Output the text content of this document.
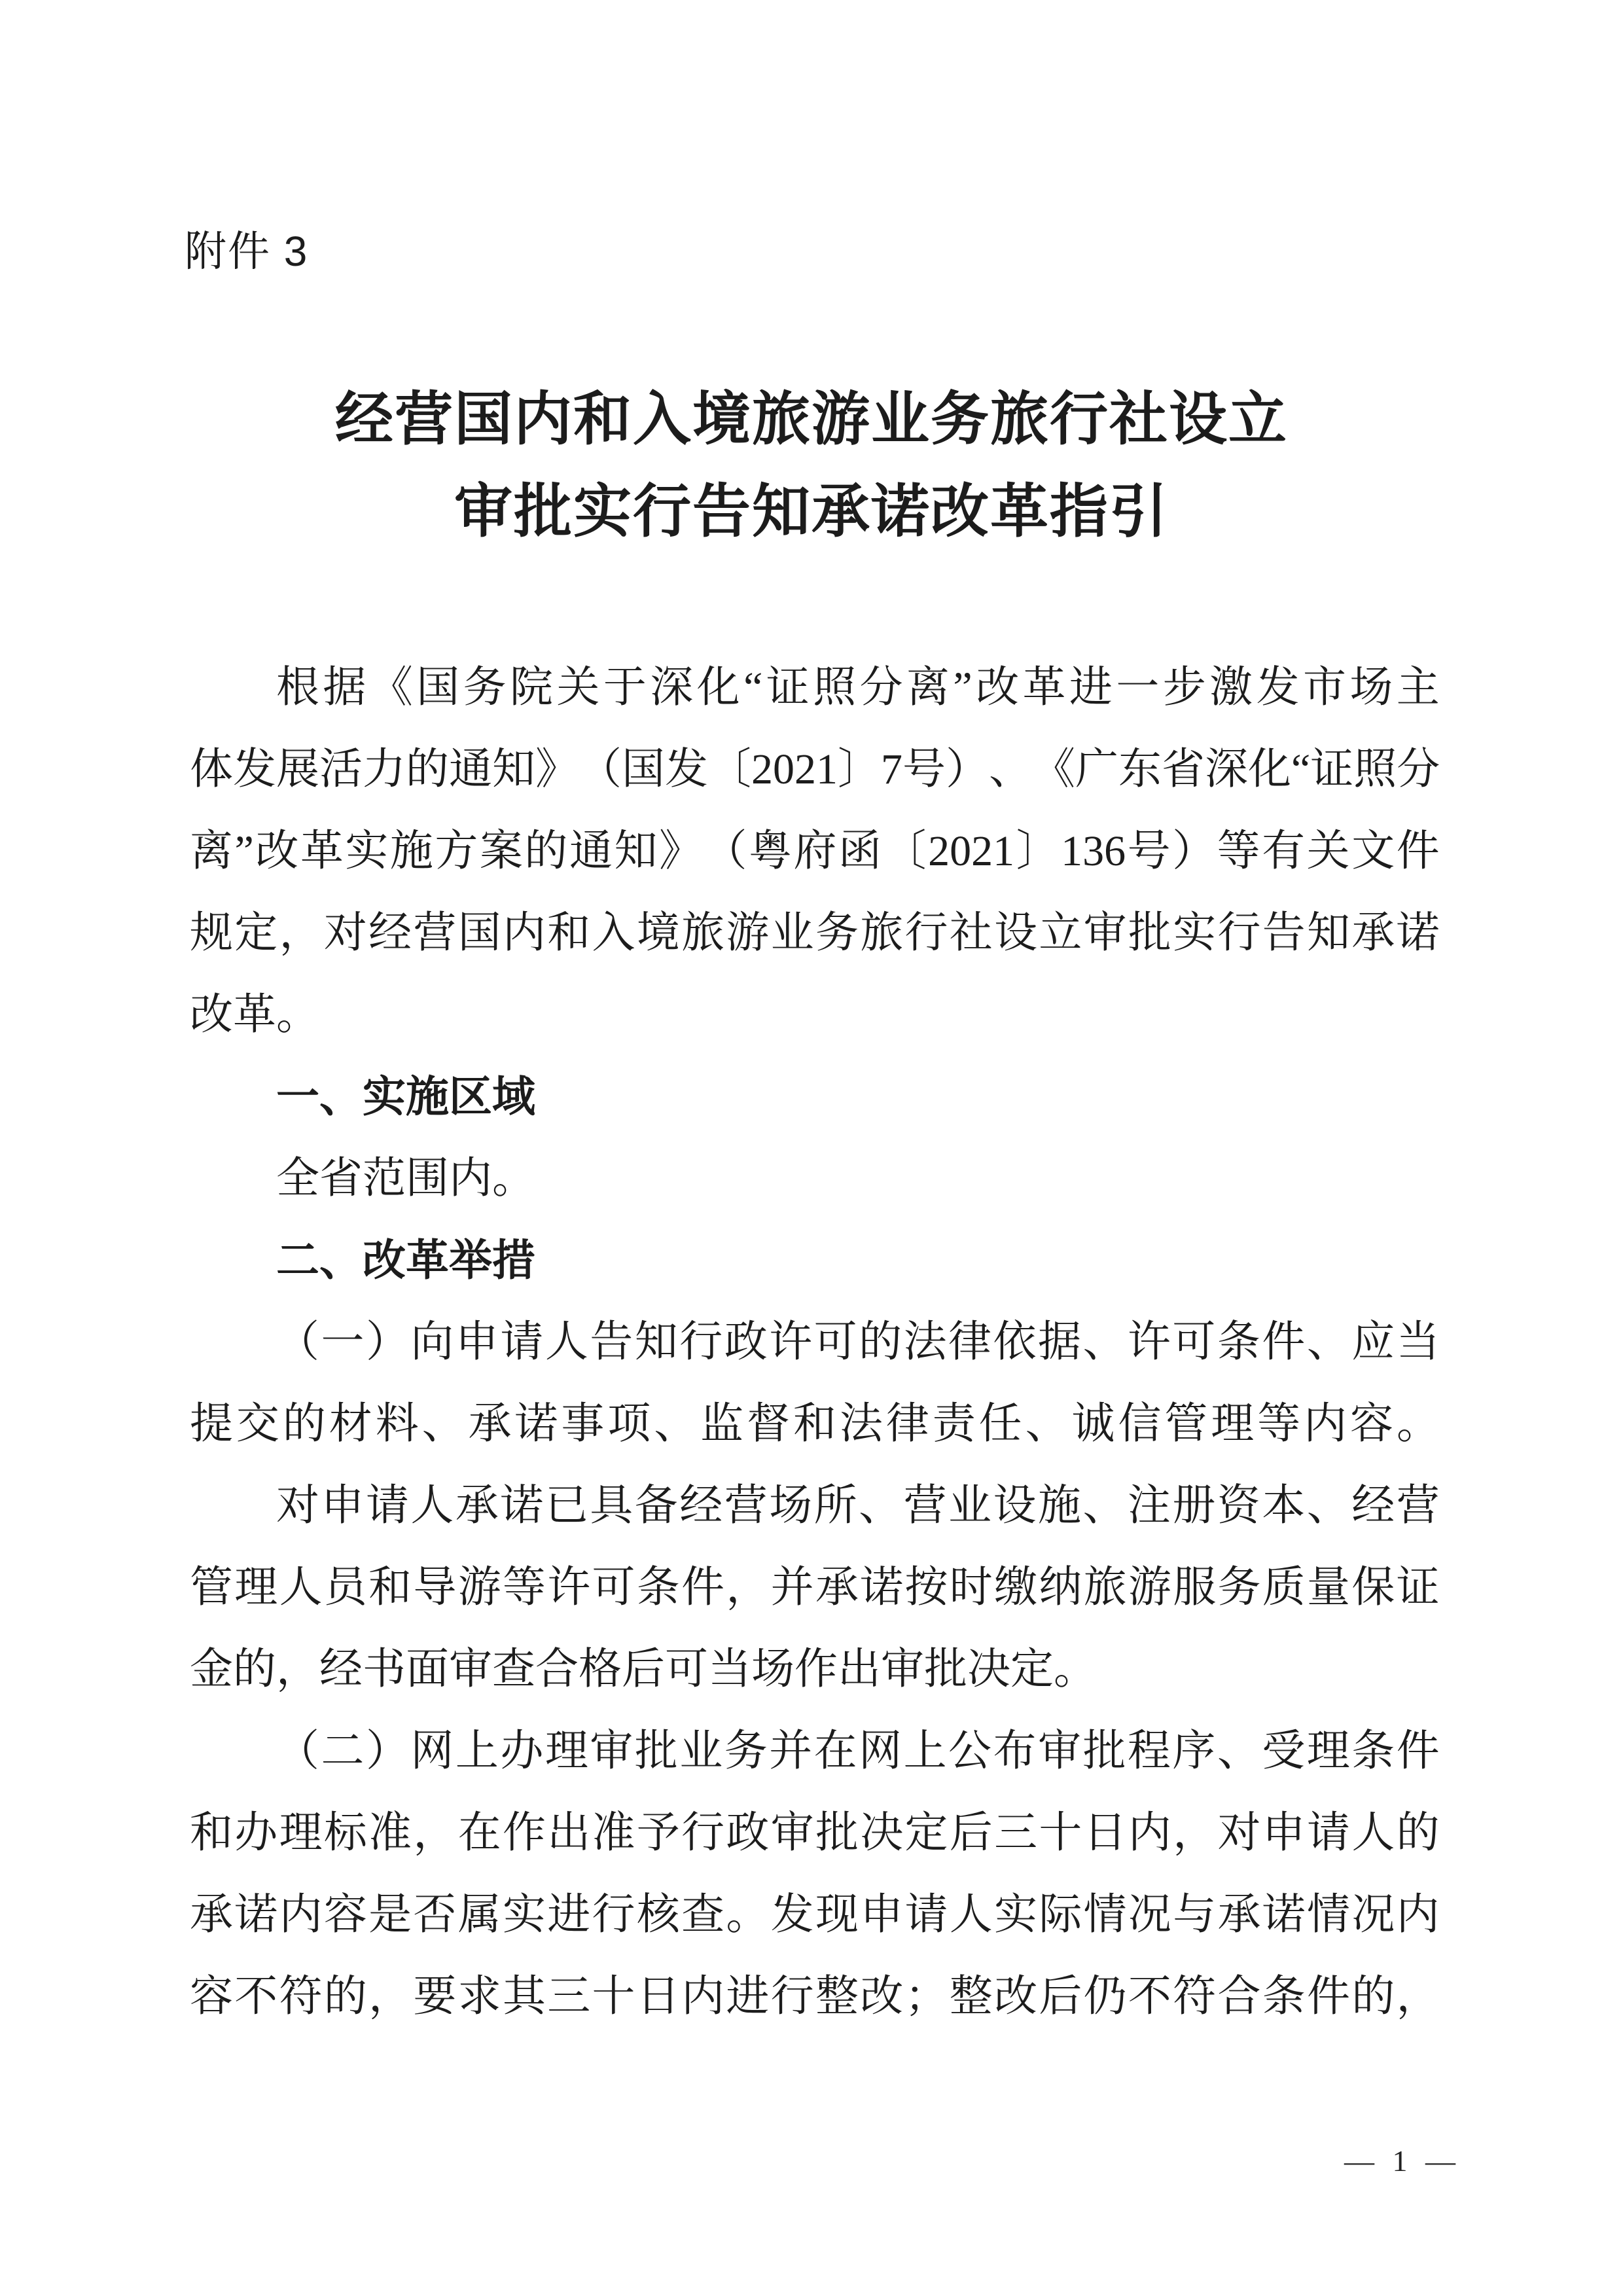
附件 3
经营国内和入境旅游业务旅行社设立
审批实行告知承诺改革指引
根 据 《 国 务 院 关 于 深 化 “ 证 照 分 离 ” 改 革 进 一 步 激 发 市 场 主
体 发 展 活 力 的 通 知 》 （ 国 发 〔 2021 〕 7 号 ） 、 《 广 东 省 深 化 “ 证 照 分
离 ” 改 革 实 施 方 案 的 通 知 》 （ 粤 府 函 〔 2021 〕 136 号 ） 等 有 关 文 件
规 定 ， 对 经 营 国 内 和 入 境 旅 游 业 务 旅 行 社 设 立 审 批 实 行 告 知 承 诺
改革。
一、实施区域
全省范围内。
二、改革举措
（ 一 ） 向 申 请 人 告 知 行 政 许 可 的 法 律 依 据 、 许 可 条 件 、 应 当
提 交 的 材 料 、 承 诺 事 项 、 监 督 和 法 律 责 任 、 诚 信 管 理 等 内 容 。
对 申 请 人 承 诺 已 具 备 经 营 场 所 、 营 业 设 施 、 注 册 资 本 、 经 营
管 理 人 员 和 导 游 等 许 可 条 件 ， 并 承 诺 按 时 缴 纳 旅 游 服 务 质 量 保 证
金的，经书面审查合格后可当场作出审批决定。
（ 二 ） 网 上 办 理 审 批 业 务 并 在 网 上 公 布 审 批 程 序 、 受 理 条 件
和 办 理 标 准 ， 在 作 出 准 予 行 政 审 批 决 定 后 三 十 日 内 ， 对 申 请 人 的
承 诺 内 容 是 否 属 实 进 行 核 查 。 发 现 申 请 人 实 际 情 况 与 承 诺 情 况 内
容 不 符 的 ， 要 求 其 三 十 日 内 进 行 整 改 ； 整 改 后 仍 不 符 合 条 件 的 ，
— 1 —
